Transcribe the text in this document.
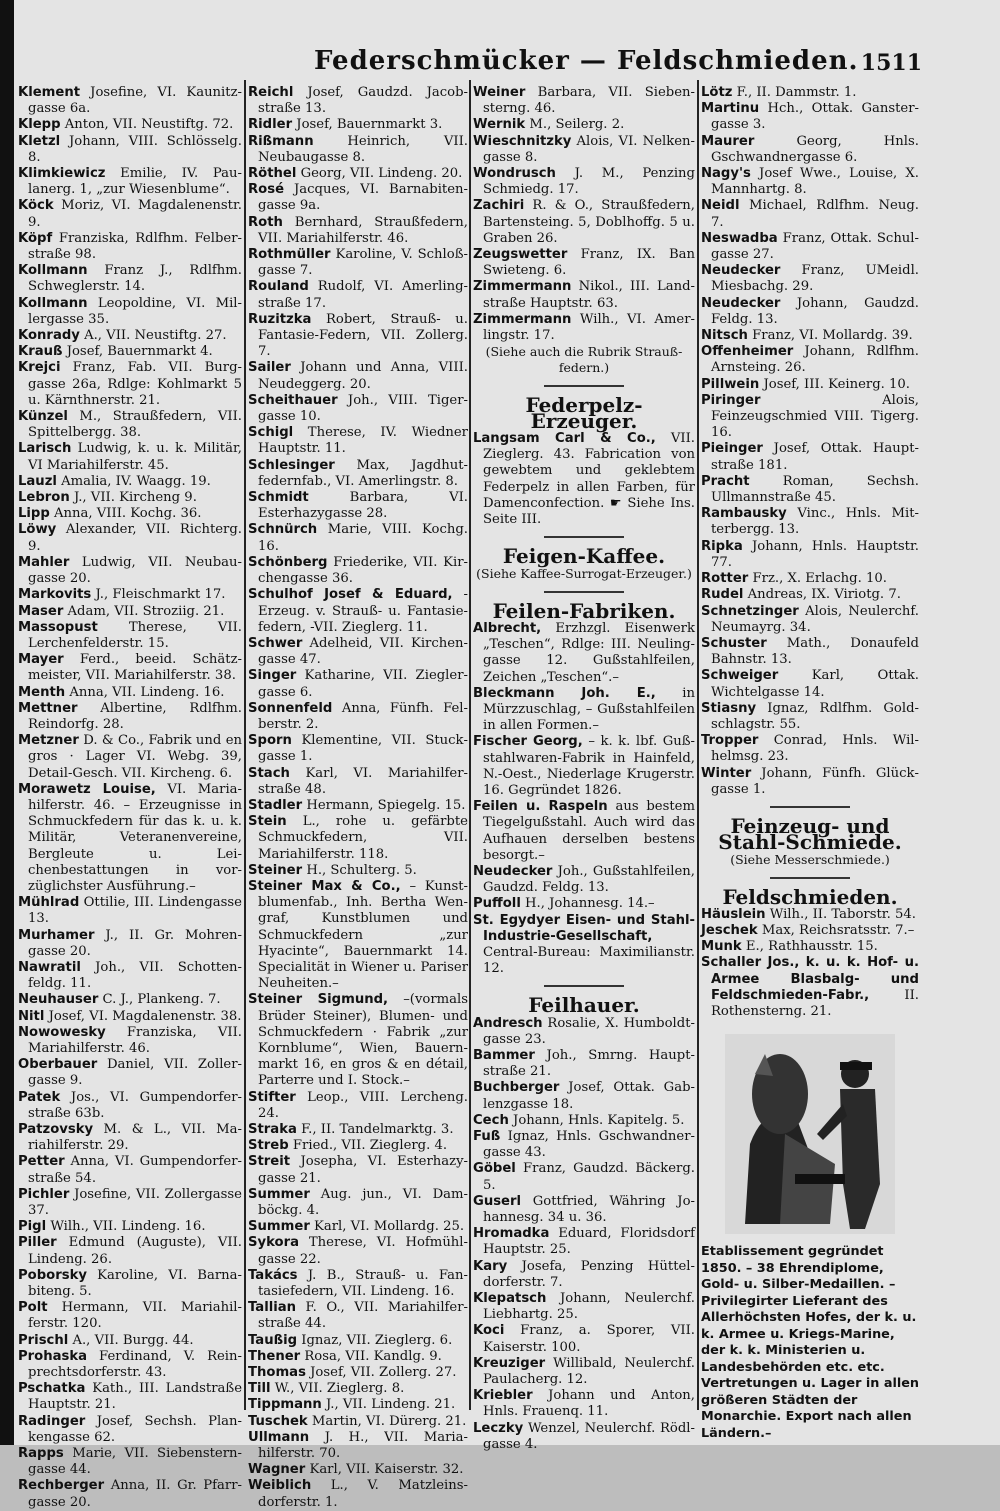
Federschmücker — Feldschmieden. 1511
Klement Josefine, VI. Kaunitzgasse 6a.
Klepp Anton, VII. Neustiftg. 72.
Kletzl Johann, VIII. Schlösselg. 8.
Klimkiewicz Emilie, IV. Paulanerg. 1, „zur Wiesenblume“.
Köck Moriz, VI. Magdalenenstr. 9.
Köpf Franziska, Rdlfhm. Felberstraße 98.
Kollmann Franz J., Rdlfhm. Schweglerstr. 14.
Kollmann Leopoldine, VI. Millergasse 35.
Konrady A., VII. Neustiftg. 27.
Krauß Josef, Bauernmarkt 4.
Krejci Franz, Fab. VII. Burggasse 26a, Rdlge: Kohlmarkt 5 u. Kärnthnerstr. 21.
Künzel M., Straußfedern, VII. Spittelbergg. 38.
Larisch Ludwig, k. u. k. Militär, VI Mariahilferstr. 45.
Lauzl Amalia, IV. Waagg. 19.
Lebron J., VII. Kircheng 9.
Lipp Anna, VIII. Kochg. 36.
Löwy Alexander, VII. Richterg. 9.
Mahler Ludwig, VII. Neubaugasse 20.
Markovits J., Fleischmarkt 17.
Maser Adam, VII. Stroziig. 21.
Massopust Therese, VII. Lerchenfelderstr. 15.
Mayer Ferd., beeid. Schätzmeister, VII. Mariahilferstr. 38.
Menth Anna, VII. Lindeng. 16.
Mettner Albertine, Rdlfhm. Reindorfg. 28.
Metzner D. & Co., Fabrik und en gros · Lager VI. Webg. 39, Detail-Gesch. VII. Kircheng. 6.
Morawetz Louise, VI. Mariahilferstr. 46. – Erzeugnisse in Schmuckfedern für das k. u. k. Militär, Veteranenvereine, Bergleute u. Leichenbestattungen in vorzüglichster Ausführung.–
Mühlrad Ottilie, III. Lindengasse 13.
Murhamer J., II. Gr. Mohrengasse 20.
Nawratil Joh., VII. Schottenfeldg. 11.
Neuhauser C. J., Plankeng. 7.
Nitl Josef, VI. Magdalenenstr. 38.
Nowowesky Franziska, VII. Mariahilferstr. 46.
Oberbauer Daniel, VII. Zollergasse 9.
Patek Jos., VI. Gumpendorferstraße 63b.
Patzovsky M. & L., VII. Mariahilferstr. 29.
Petter Anna, VI. Gumpendorferstraße 54.
Pichler Josefine, VII. Zollergasse 37.
Pigl Wilh., VII. Lindeng. 16.
Piller Edmund (Auguste), VII. Lindeng. 26.
Poborsky Karoline, VI. Barnabiteng. 5.
Polt Hermann, VII. Mariahilferstr. 120.
Prischl A., VII. Burgg. 44.
Prohaska Ferdinand, V. Reinprechtsdorferstr. 43.
Pschatka Kath., III. Landstraße Hauptstr. 21.
Radinger Josef, Sechsh. Plankengasse 62.
Rapps Marie, VII. Siebensterngasse 44.
Rechberger Anna, II. Gr. Pfarrgasse 20.
Reichl Josef, Gaudzd. Jacobstraße 13.
Ridler Josef, Bauernmarkt 3.
Rißmann	Heinrich, VII. Neubaugasse 8.
Röthel Georg, VII. Lindeng. 20.
Rosé Jacques, VI. Barnabitengasse 9a.
Roth Bernhard, Straußfedern, VII. Mariahilferstr. 46.
Rothmüller Karoline, V. Schloßgasse 7.
Rouland Rudolf, VI. Amerlingstraße 17.
Ruzitzka Robert, Strauß- u. Fantasie-Federn, VII. Zollerg. 7.
Sailer Johann und Anna, VIII. Neudeggerg. 20.
Scheithauer Joh., VIII. Tigergasse 10.
Schigl Therese, IV. Wiedner Hauptstr. 11.
Schlesinger Max, Jagdhutfedernfab., VI. Amerlingstr. 8.
Schmidt	Barbara, VI. Esterhazygasse 28.
Schnürch Marie, VIII. Kochg. 16.
Schönberg Friederike, VII. Kirchengasse 36.
Schulhof Josef & Eduard, -Erzeug. v. Strauß- u. Fantasiefedern, -VII. Zieglerg. 11.
Schwer Adelheid, VII. Kirchengasse 47.
Singer Katharine, VII. Zieglergasse 6.
Sonnenfeld Anna, Fünfh. Felberstr. 2.
Sporn Klementine, VII. Stuckgasse 1.
Stach Karl, VI. Mariahilferstraße 48.
Stadler Hermann, Spiegelg. 15.
Stein L., rohe u. gefärbte Schmuckfedern, VII. Mariahilferstr. 118.
Steiner H., Schulterg. 5.
Steiner Max & Co., – Kunstblumenfab., Inh. Bertha Wengraf, Kunstblumen und Schmuckfedern „zur Hyacinte“, Bauernmarkt 14. Specialität in Wiener u. Pariser Neuheiten.–
Steiner Sigmund, –(vormals Brüder Steiner), Blumen- und Schmuckfedern · Fabrik „zur Kornblume“, Wien, Bauernmarkt 16, en gros & en détail, Parterre und I. Stock.–
Stifter Leop., VIII. Lercheng. 24.
Straka F., II. Tandelmarktg. 3.
Streb Fried., VII. Zieglerg. 4.
Streit Josepha, VI. Esterhazygasse 21.
Summer Aug. jun., VI. Damböckg. 4.
Summer Karl, VI. Mollardg. 25.
Sykora Therese, VI. Hofmühlgasse 22.
Takács J. B., Strauß- u. Fantasiefedern, VII. Lindeng. 16.
Tallian F. O., VII. Mariahilferstraße 44.
Taußig Ignaz, VII. Zieglerg. 6.
Thener Rosa, VII. Kandlg. 9.
Thomas Josef, VII. Zollerg. 27.
Till W., VII. Zieglerg. 8.
Tippmann J., VII. Lindeng. 21.
Tuschek Martin, VI. Dürerg. 21.
Ullmann J. H., VII. Mariahilferstr. 70.
Wagner Karl, VII. Kaiserstr. 32.
Weiblich L., V. Matzleinsdorferstr. 1.
Weiner Barbara, VII. Siebensterng. 46.
Wernik M., Seilerg. 2.
Wieschnitzky Alois, VI. Nelkengasse 8.
Wondrusch J. M., Penzing Schmiedg. 17.
Zachiri R. & O., Straußfedern, Bartensteing. 5, Doblhoffg. 5 u. Graben 26.
Zeugswetter Franz, IX. Ban Swieteng. 6.
Zimmermann Nikol., III. Landstraße Hauptstr. 63.
Zimmermann Wilh., VI. Amerlingstr. 17.
(Siehe auch die Rubrik Straußfedern.)
Federpelz-Erzeuger.
Langsam Carl & Co., VII. Zieglerg. 43. Fabrication von gewebtem und geklebtem Federpelz in allen Farben, für Damenconfection. ☛ Siehe Ins. Seite III.
Feigen-Kaffee.
(Siehe Kaffee-Surrogat-Erzeuger.)
Feilen-Fabriken.
Albrecht, Erzhzgl. Eisenwerk „Teschen“, Rdlge: III. Neulinggasse 12. Gußstahlfeilen, Zeichen „Teschen“.–
Bleckmann Joh. E., in Mürzzuschlag, – Gußstahlfeilen in allen Formen.–
Fischer Georg, – k. k. lbf. Gußstahlwaren-Fabrik in Hainfeld, N.-Oest., Niederlage Krugerstr. 16. Gegründet 1826.
Feilen u. Raspeln aus bestem Tiegelgußstahl. Auch wird das Aufhauen derselben bestens besorgt.–
Neudecker Joh., Gußstahlfeilen, Gaudzd. Feldg. 13.
Puffoll H., Johannesg. 14.–
St. Egydyer Eisen- und Stahl-Industrie-Gesellschaft, Central-Bureau: Maximilianstr. 12.
Feilhauer.
Andresch Rosalie, X. Humboldtgasse 23.
Bammer Joh., Smrng. Hauptstraße 21.
Buchberger Josef, Ottak. Gablenzgasse 18.
Cech Johann, Hnls. Kapitelg. 5.
Fuß Ignaz, Hnls. Gschwandnergasse 43.
Göbel Franz, Gaudzd. Bäckerg. 5.
Guserl Gottfried, Währing Johannesg. 34 u. 36.
Hromadka Eduard, Floridsdorf Hauptstr. 25.
Kary Josefa, Penzing Hütteldorferstr. 7.
Klepatsch Johann, Neulerchf. Liebhartg. 25.
Koci Franz, a. Sporer, VII. Kaiserstr. 100.
Kreuziger Willibald, Neulerchf. Paulacherg. 12.
Kriebler Johann und Anton, Hnls. Frauenq. 11.
Leczky Wenzel, Neulerchf. Rödlgasse 4.
Lötz F., II. Dammstr. 1.
Martinu Hch., Ottak. Ganstergasse 3.
Maurer	Georg, Hnls. Gschwandnergasse 6.
Nagy's Josef Wwe., Louise, X. Mannhartg. 8.
Neidl Michael, Rdlfhm. Neug. 7.
Neswadba Franz, Ottak. Schulgasse 27.
Neudecker Franz, UMeidl. Miesbachg. 29.
Neudecker Johann, Gaudzd. Feldg. 13.
Nitsch Franz, VI. Mollardg. 39.
Offenheimer Johann, Rdlfhm. Arnsteing. 26.
Pillwein Josef, III. Keinerg. 10.
Piringer	Alois, Feinzeugschmied VIII. Tigerg. 16.
Pieinger Josef, Ottak. Hauptstraße 181.
Pracht	Roman, Sechsh. Ullmannstraße 45.
Rambausky Vinc., Hnls. Mitterbergg. 13.
Ripka Johann, Hnls. Hauptstr. 77.
Rotter Frz., X. Erlachg. 10.
Rudel Andreas, IX. Viriotg. 7.
Schnetzinger Alois, Neulerchf. Neumayrg. 34.
Schuster Math., Donaufeld Bahnstr. 13.
Schweiger	Karl, Ottak. Wichtelgasse 14.
Stiasny Ignaz, Rdlfhm. Goldschlagstr. 55.
Tropper Conrad, Hnls. Wilhelmsg. 23.
Winter Johann, Fünfh. Glückgasse 1.
Feinzeug- und Stahl-Schmiede.
(Siehe Messerschmiede.)
Feldschmieden.
Häuslein Wilh., II. Taborstr. 54.
Jeschek Max, Reichsratsstr. 7.–
Munk E., Rathhausstr. 15.
Schaller Jos., k. u. k. Hof- u. Armee Blasbalg- und Feldschmieden-Fabr.,	II. Rothensterng. 21.
Etablissement gegründet 1850. – 38 Ehrendiplome, Gold- u. Silber-Medaillen. – Privilegirter Lieferant des Allerhöchsten Hofes, der k. u. k. Armee u. Kriegs-Marine, der k. k. Ministerien u. Landesbehörden etc. etc. Vertretungen u. Lager in allen größeren Städten der Monarchie. Export nach allen Ländern.–
